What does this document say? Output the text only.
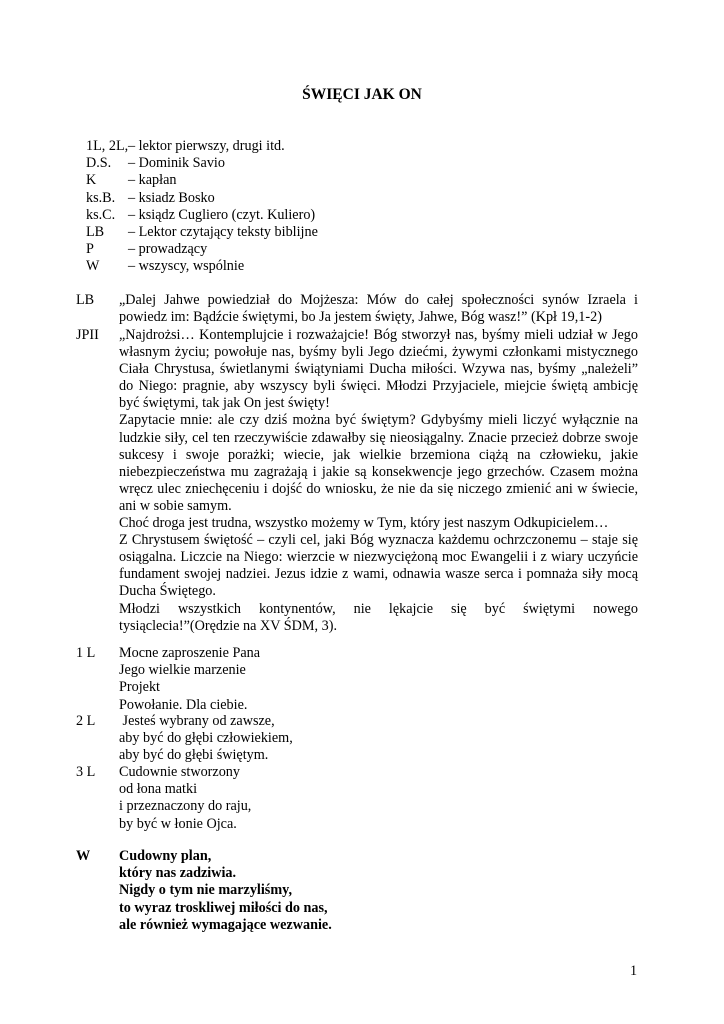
ŚWIĘCI JAK ON
1L, 2L,– lektor pierwszy, drugi itd.
D.S. – Dominik Savio
K – kapłan
ks.B. – ksiadz Bosko
ks.C. – ksiądz Cugliero (czyt. Kuliero)
LB – Lektor czytający teksty biblijne
P – prowadzący
W – wszyscy, wspólnie
LB „Dalej Jahwe powiedział do Mojżesza: Mów do całej społeczności synów Izraela i powiedz im: Bądźcie świętymi, bo Ja jestem święty, Jahwe, Bóg wasz!” (Kpł 19,1-2)

JPII „Najdrożsi… Kontemplujcie i rozważajcie! Bóg stworzył nas, byśmy mieli udział w Jego własnym życiu; powołuje nas, byśmy byli Jego dziećmi, żywymi członkami mistycznego Ciała Chrystusa, świetlanymi świątyniami Ducha miłości. Wzywa nas, byśmy „należeli” do Niego: pragnie, aby wszyscy byli święci. Młodzi Przyjaciele, miejcie świętą ambicję być świętymi, tak jak On jest święty!

Zapytacie mnie: ale czy dziś można być świętym? Gdybyśmy mieli liczyć wyłącznie na ludzkie siły, cel ten rzeczywiście zdawałby się nieosiągalny. Znacie przecież dobrze swoje sukcesy i swoje porażki; wiecie, jak wielkie brzemiona ciążą na człowieku, jakie niebezpieczeństwa mu zagrażają i jakie są konsekwencje jego grzechów. Czasem można wręcz ulec zniechęceniu i dojść do wniosku, że nie da się niczego zmienić ani w świecie, ani w sobie samym.

Choć droga jest trudna, wszystko możemy w Tym, który jest naszym Odkupicielem…

Z Chrystusem świętość – czyli cel, jaki Bóg wyznacza każdemu ochrzczonemu – staje się osiągalna. Liczcie na Niego: wierzcie w niezwyciężoną moc Ewangelii i z wiary uczyńcie fundament swojej nadziei. Jezus idzie z wami, odnawia wasze serca i pomnaża siły mocą Ducha Świętego.

Młodzi wszystkich kontynentów, nie lękajcie się być świętymi nowego

tysiąclecia!”(Orędzie na XV ŚDM, 3).

1 L Mocne zaproszenie Pana
Jego wielkie marzenie
Projekt
Powołanie. Dla ciebie.
2 L Jesteś wybrany od zawsze,
aby być do głębi człowiekiem,
aby być do głębi świętym.
3 L Cudownie stworzony
od łona matki
i przeznaczony do raju,
by być w łonie Ojca.
W Cudowny plan,
który nas zadziwia.
Nigdy o tym nie marzyliśmy,
to wyraz troskliwej miłości do nas,
ale również wymagające wezwanie.
1
